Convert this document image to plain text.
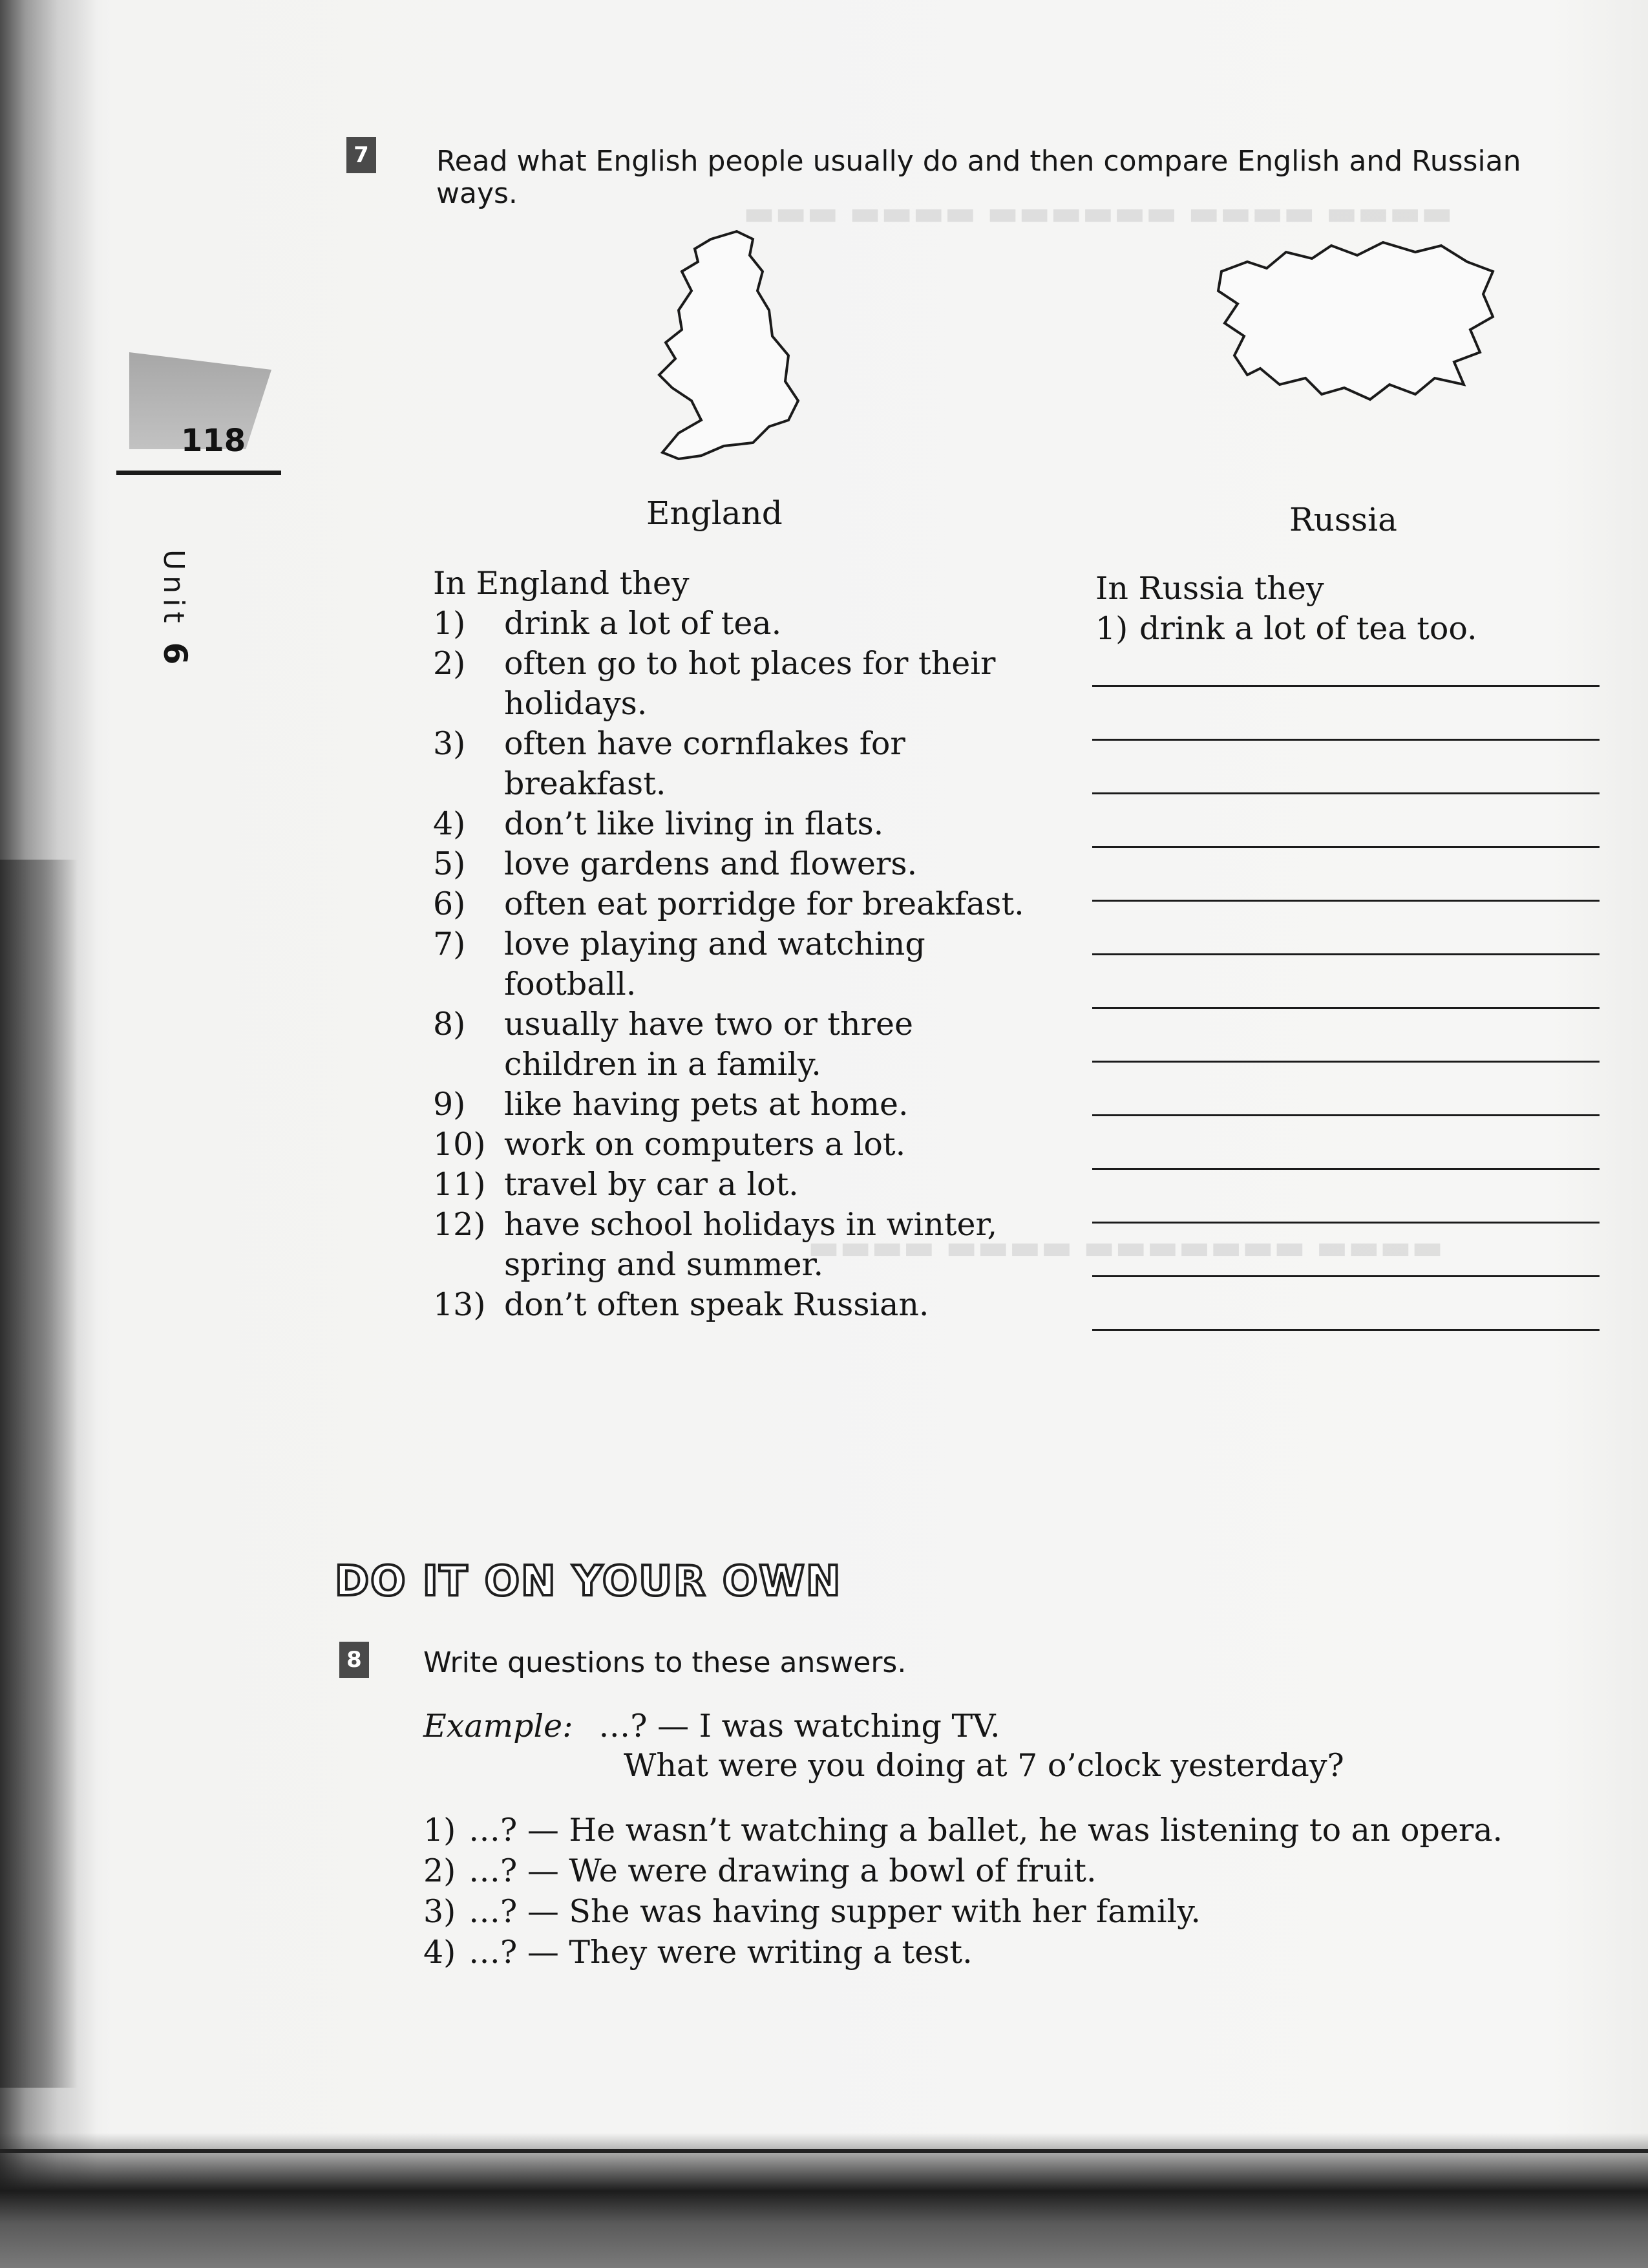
▬▬▬▬ ▬▬▬▬ ▬▬▬▬▬▬ ▬▬▬▬ ▬▬▬
▬▬▬▬ ▬▬▬▬▬▬▬ ▬▬▬▬ ▬▬▬▬
118
Unit 6
7 Read what English people usually do and then compare English and Russian
ways.
England	Russia
In England they
1)	drink a lot of tea.
2)	often go to hot places for their holidays.
3)	often have cornflakes for breakfast.
4)	don’t like living in flats.
5)	love gardens and flowers.
6)	often eat porridge for breakfast.
7)	love playing and watching football.
8)	usually have two or three children in a family.
9)	like having pets at home.
10) work on computers a lot.
11) travel by car a lot.
12) have school holidays in winter, spring and summer.
13) don’t often speak Russian.
In Russia they
1) drink a lot of tea too.
DO IT ON YOUR OWN
8 Write questions to these answers.
Example: …? — I was watching TV.
What were you doing at 7 o’clock yesterday?
1) …? — He wasn’t watching a ballet, he was listening to an opera.
2) …? — We were drawing a bowl of fruit.
3) …? — She was having supper with her family.
4) …? — They were writing a test.
